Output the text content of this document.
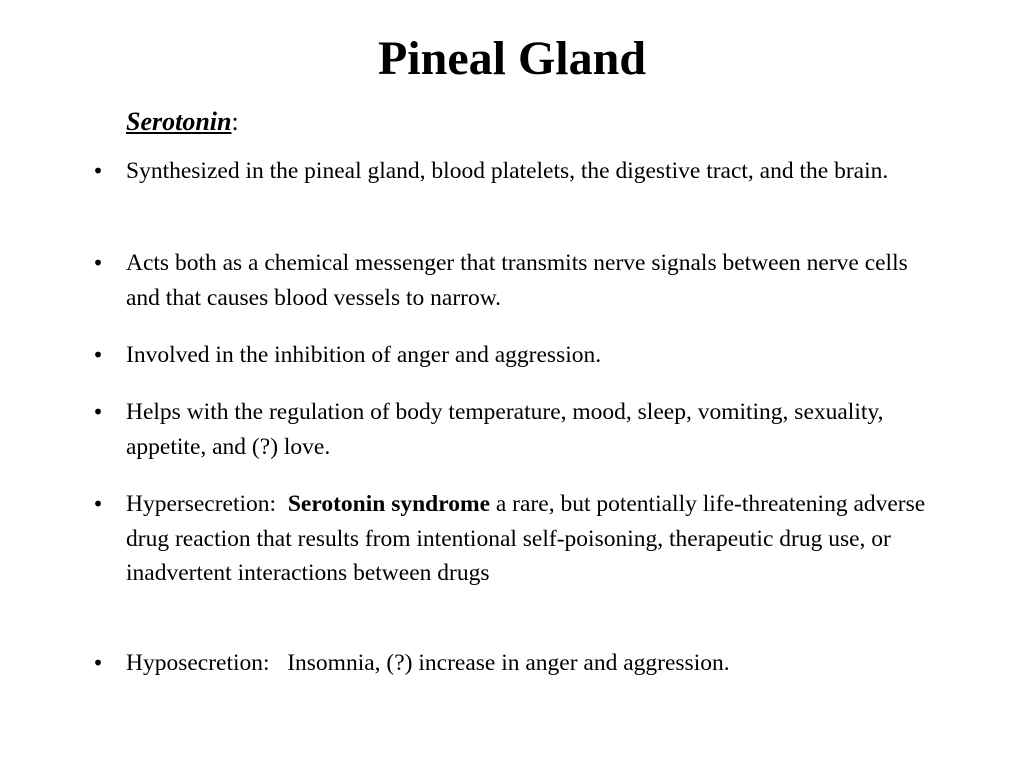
Pineal Gland
Serotonin:
• Synthesized in the pineal gland, blood platelets, the digestive tract, and the brain.
• Acts both as a chemical messenger that transmits nerve signals between nerve cells and that causes blood vessels to narrow.
• Involved in the inhibition of anger and aggression.
• Helps with the regulation of body temperature, mood, sleep, vomiting, sexuality, appetite, and (?) love.
• Hypersecretion:  Serotonin syndrome a rare, but potentially life-threatening adverse drug reaction that results from intentional self-poisoning, therapeutic drug use, or inadvertent interactions between drugs
• Hyposecretion:   Insomnia, (?) increase in anger and aggression.
